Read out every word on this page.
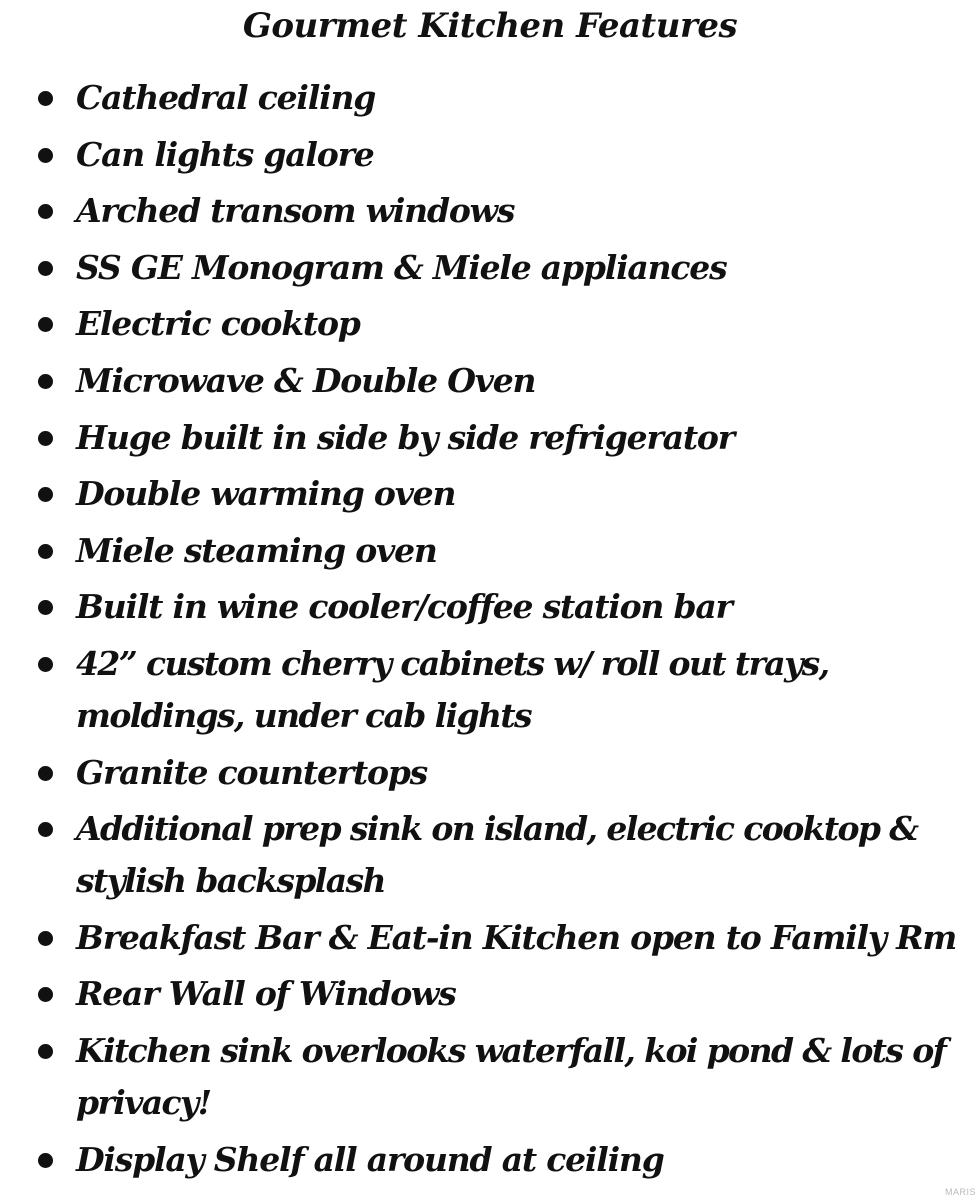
Gourmet Kitchen Features
Cathedral ceiling
Can lights galore
Arched transom windows
SS GE Monogram & Miele appliances
Electric cooktop
Microwave & Double Oven
Huge built in side by side refrigerator
Double warming oven
Miele steaming oven
Built in wine cooler/coffee station bar
42” custom cherry cabinets w/ roll out trays, moldings, under cab lights
Granite countertops
Additional prep sink on island, electric cooktop & stylish backsplash
Breakfast Bar & Eat-in Kitchen open to Family Rm
Rear Wall of Windows
Kitchen sink overlooks waterfall, koi pond & lots of privacy!
Display Shelf all around at ceiling
MARIS
